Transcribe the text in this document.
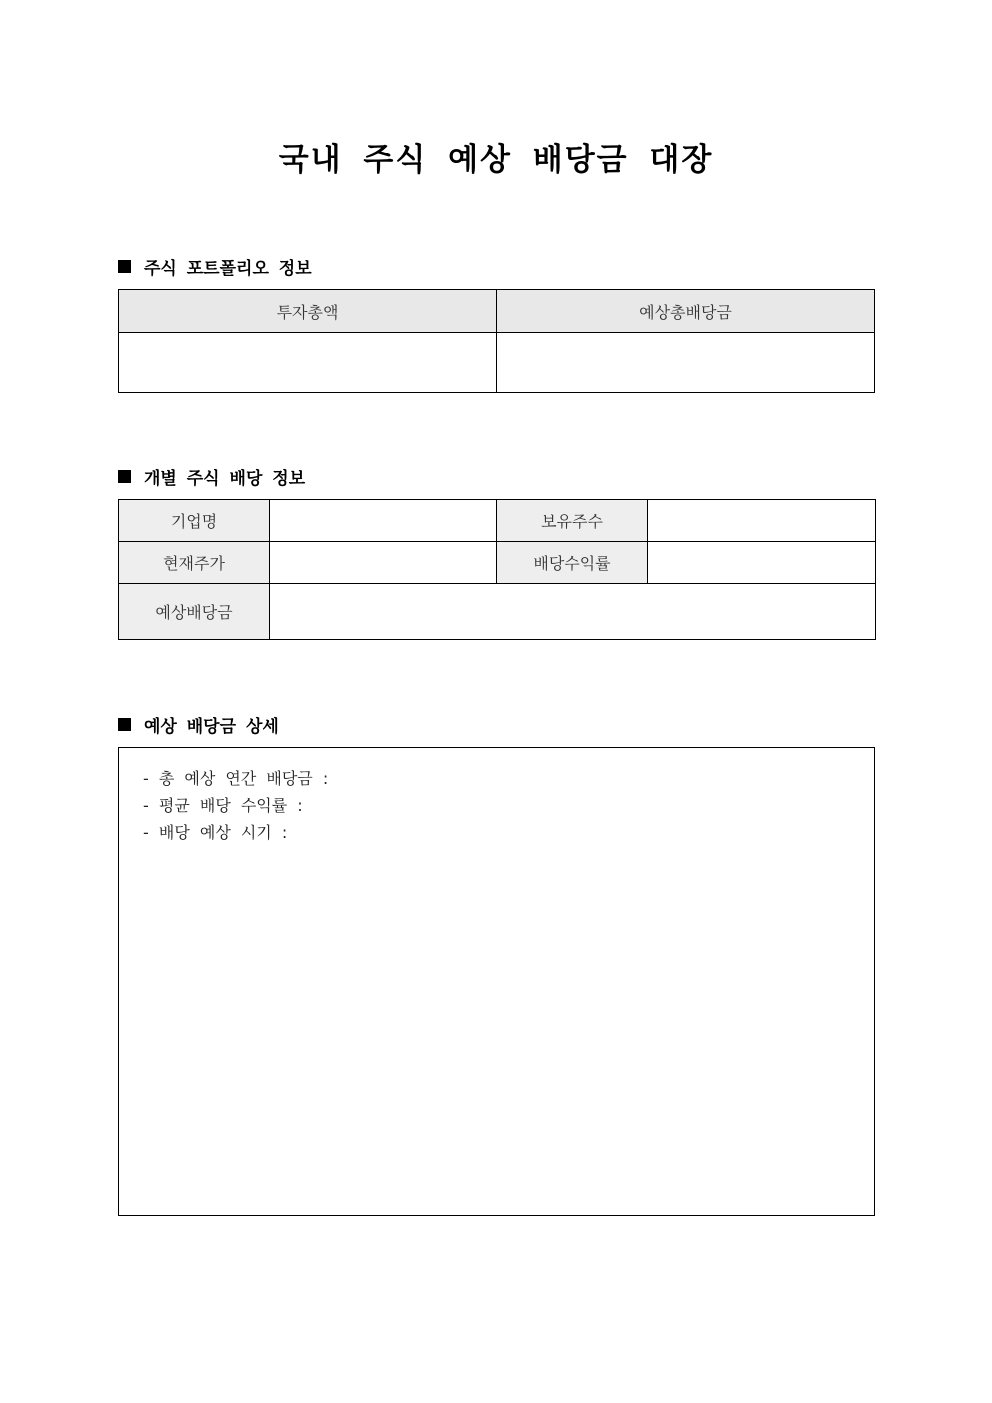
국내 주식 예상 배당금 대장
주식 포트폴리오 정보
투자총액	예상총배당금

개별 주식 배당 정보
기업명		보유주수	
현재주가		배당수익률	
예상배당금			
예상 배당금 상세
- 총 예상 연간 배당금 :
- 평균 배당 수익률 :
- 배당 예상 시기 :
